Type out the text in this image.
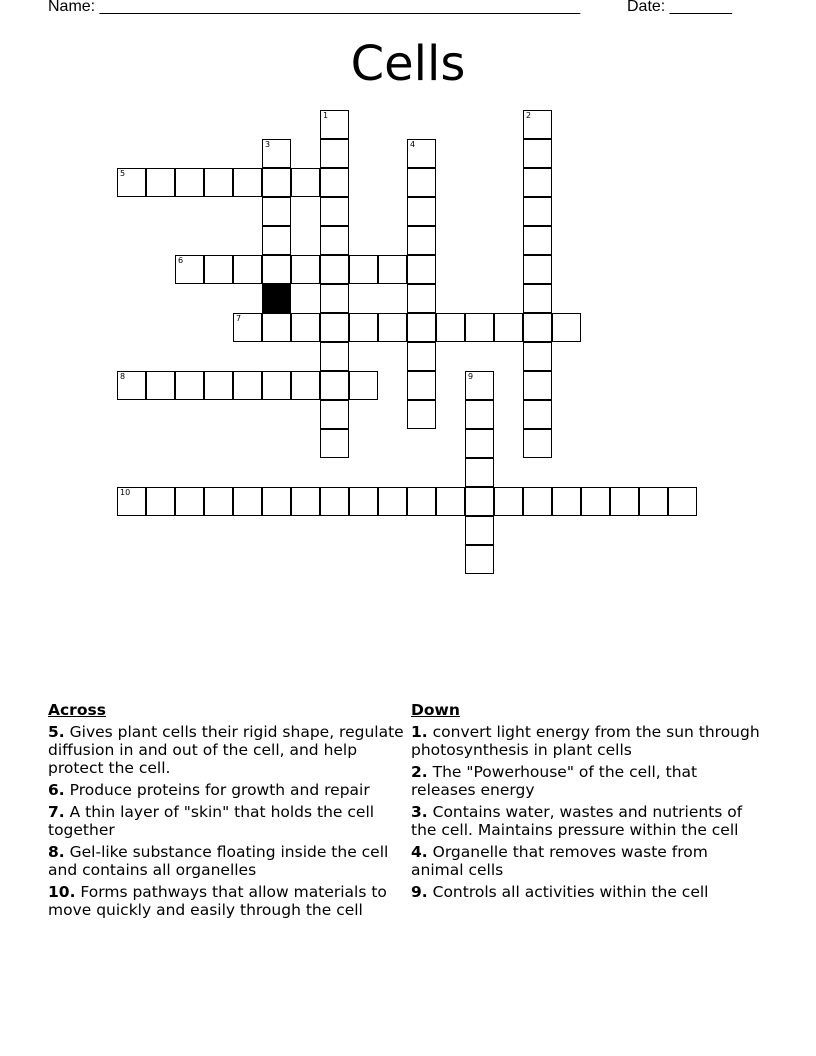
Name: ______________________________________________________	Date: _______
Cells
1	2
3	4
5
6
7
8	9
10
Across
5. Gives plant cells their rigid shape, regulate diffusion in and out of the cell, and help protect the cell.
6. Produce proteins for growth and repair
7. A thin layer of "skin" that holds the cell together
8. Gel-like substance floating inside the cell and contains all organelles
10. Forms pathways that allow materials to move quickly and easily through the cell
Down
1. convert light energy from the sun through photosynthesis in plant cells
2. The "Powerhouse" of the cell, that releases energy
3. Contains water, wastes and nutrients of the cell. Maintains pressure within the cell
4. Organelle that removes waste from animal cells
9. Controls all activities within the cell
